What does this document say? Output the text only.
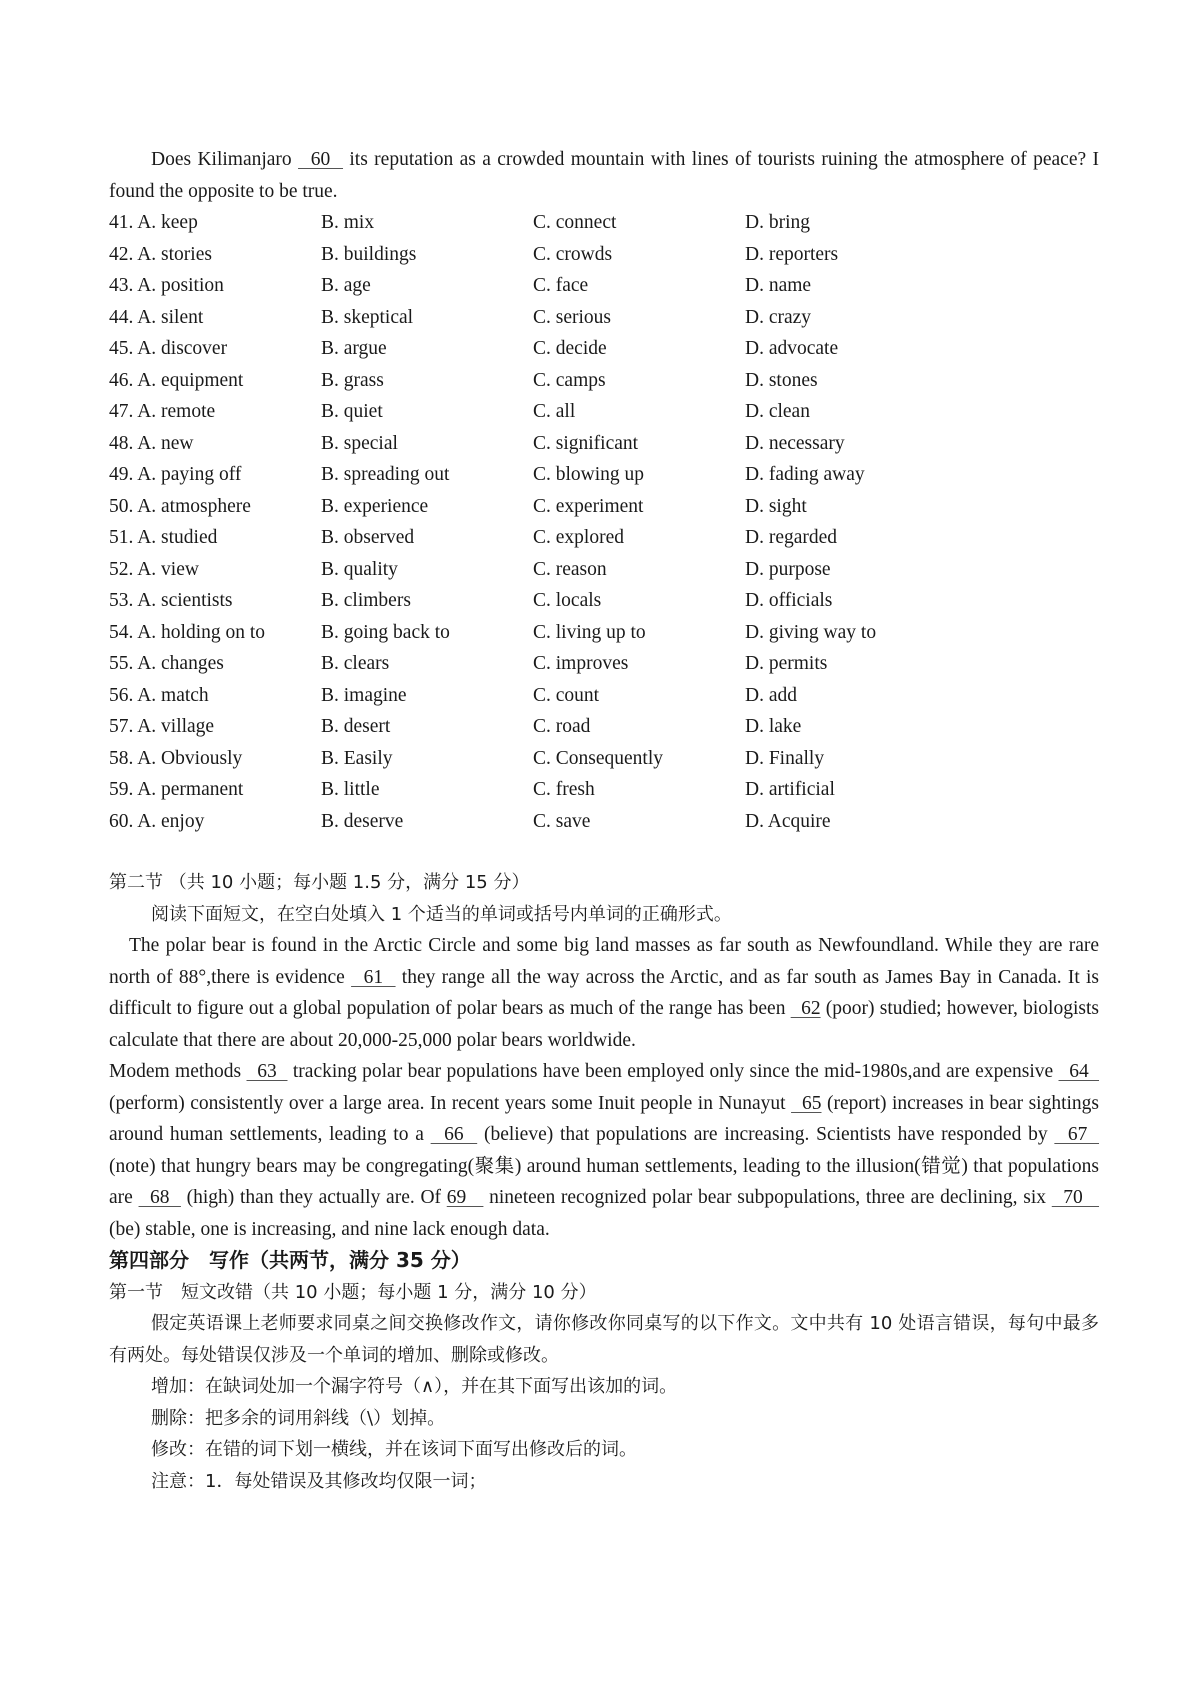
Does Kilimanjaro   60   its reputation as a crowded mountain with lines of tourists ruining the atmosphere of peace? I found the opposite to be true.

41. A. keep	B. mix	C. connect	D. bring
42. A. stories	B. buildings	C. crowds	D. reporters
43. A. position	B. age	C. face	D. name
44. A. silent	B. skeptical	C. serious	D. crazy
45. A. discover	B. argue	C. decide	D. advocate
46. A. equipment	B. grass	C. camps	D. stones
47. A. remote	B. quiet	C. all	D. clean
48. A. new	B. special	C. significant	D. necessary
49. A. paying off	B. spreading out	C. blowing up	D. fading away
50. A. atmosphere	B. experience	C. experiment	D. sight
51. A. studied	B. observed	C. explored	D. regarded
52. A. view	B. quality	C. reason	D. purpose
53. A. scientists	B. climbers	C. locals	D. officials
54. A. holding on to	B. going back to	C. living up to	D. giving way to
55. A. changes	B. clears	C. improves	D. permits
56. A. match	B. imagine	C. count	D. add
57. A. village	B. desert	C. road	D. lake
58. A. Obviously	B. Easily	C. Consequently	D. Finally
59. A. permanent	B. little	C. fresh	D. artificial
60. A. enjoy	B. deserve	C. save	D. Acquire

第二节 （共 10 小题；每小题 1.5 分，满分 15 分）

阅读下面短文，在空白处填入 1 个适当的单词或括号内单词的正确形式。

The polar bear is found in the Arctic Circle and some big land masses as far south as Newfoundland. While they are rare north of 88°,there is evidence   61   they range all the way across the Arctic, and as far south as James Bay in Canada. It is difficult to figure out a global population of polar bears as much of the range has been   62 (poor) studied; however, biologists calculate that there are about 20,000-25,000 polar bears worldwide.

Modem methods   63   tracking polar bear populations have been employed only since the mid-1980s,and are expensive   64   (perform) consistently over a large area. In recent years some Inuit people in Nunayut   65 (report) increases in bear sightings around human settlements, leading to a   66   (believe) that populations are increasing. Scientists have responded by   67   (note) that hungry bears may be congregating(聚集) around human settlements, leading to the illusion(错觉) that populations are   68   (high) than they actually are. Of 69    nineteen recognized polar bear subpopulations, three are declining, six   70    (be) stable, one is increasing, and nine lack enough data.

第四部分　写作（共两节，满分 35 分）

第一节　短文改错（共 10 小题；每小题 1 分，满分 10 分）

假定英语课上老师要求同桌之间交换修改作文，请你修改你同桌写的以下作文。文中共有 10 处语言错误，每句中最多有两处。每处错误仅涉及一个单词的增加、删除或修改。

增加：在缺词处加一个漏字符号（∧），并在其下面写出该加的词。

删除：把多余的词用斜线（\）划掉。

修改：在错的词下划一横线，并在该词下面写出修改后的词。

注意：1．每处错误及其修改均仅限一词；
